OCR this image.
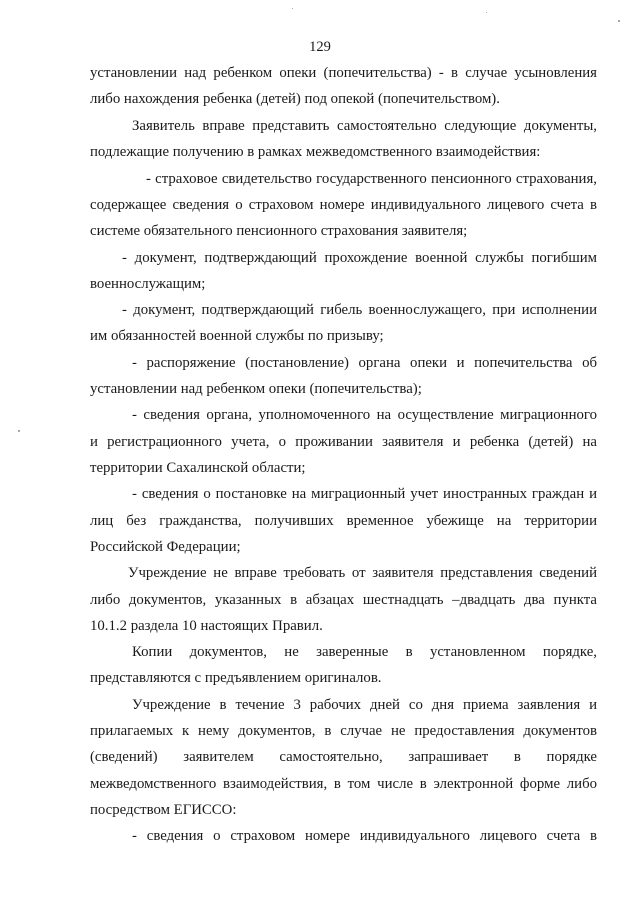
129
установлении над ребенком опеки (попечительства) - в случае усыновления
либо нахождения ребенка (детей) под опекой (попечительством).
Заявитель вправе представить самостоятельно следующие документы,
подлежащие получению в рамках межведомственного взаимодействия:
- страховое свидетельство государственного пенсионного страхования,
содержащее сведения о страховом номере индивидуального лицевого счета в
системе обязательного пенсионного страхования заявителя;
- документ, подтверждающий прохождение военной службы погибшим
военнослужащим;
- документ, подтверждающий гибель военнослужащего, при исполнении
им обязанностей военной службы по призыву;
- распоряжение (постановление) органа опеки и попечительства об
установлении над ребенком опеки (попечительства);
- сведения органа, уполномоченного на осуществление миграционного
и регистрационного учета, о проживании заявителя и ребенка (детей) на
территории Сахалинской области;
- сведения о постановке на миграционный учет иностранных граждан и
лиц без гражданства, получивших временное убежище на территории
Российской Федерации;
Учреждение не вправе требовать от заявителя представления сведений
либо документов, указанных в абзацах шестнадцать –двадцать два пункта
10.1.2 раздела 10 настоящих Правил.
Копии документов, не заверенные в установленном порядке,
представляются с предъявлением оригиналов.
Учреждение в течение 3 рабочих дней со дня приема заявления и
прилагаемых к нему документов, в случае не предоставления документов
(сведений) заявителем самостоятельно, запрашивает в порядке
межведомственного взаимодействия, в том числе в электронной форме либо
посредством ЕГИССО:
- сведения о страховом номере индивидуального лицевого счета в
